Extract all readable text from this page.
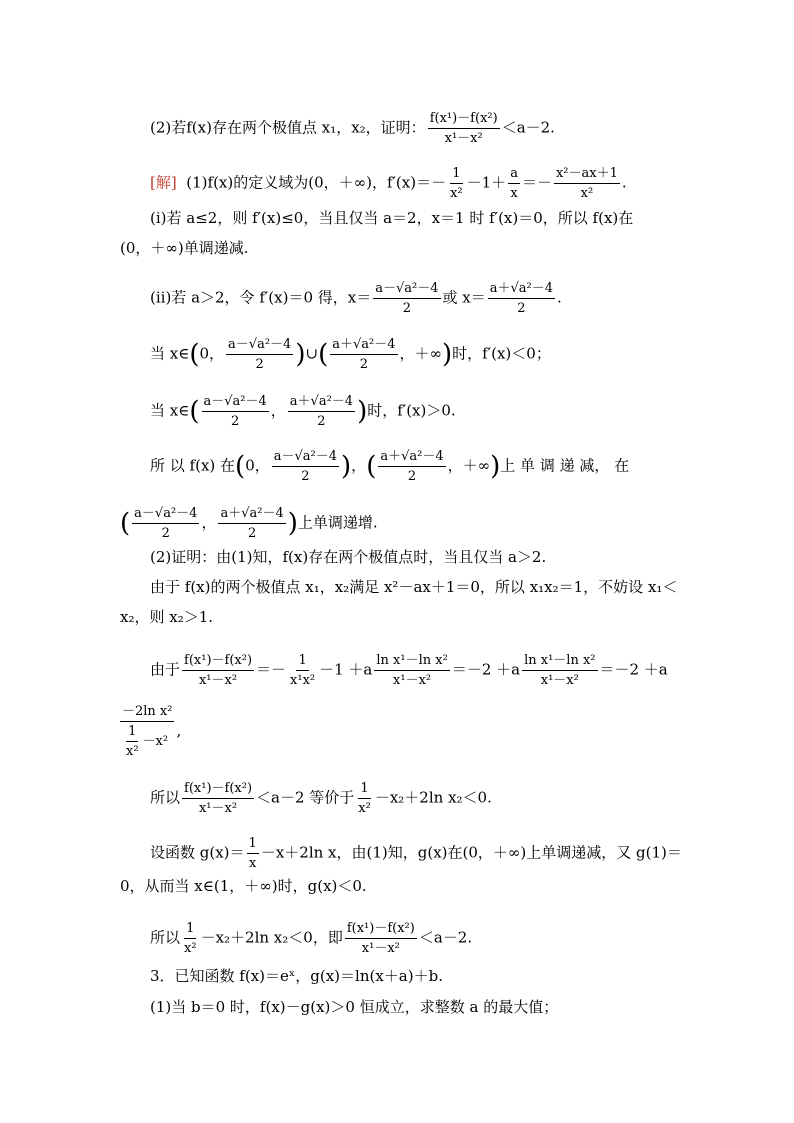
(2)若f(x)存在两个极值点 x₁，x₂，证明： $\frac{\text{f(x¹)－f(x²)}}{\text{x¹－x²}} <a-2$.
[解] (1)f(x)的定义域为(0，＋∞)，$f'(x)=- \frac{1}{\text{x²}} -1+ \frac{a}{x} =- \frac{\text{x²－ax＋1}}{\text{x²}}$ .
(ⅰ)若 a≤2，则 f′(x)≤0，当且仅当 a＝2，x＝1 时 f′(x)＝0，所以 f(x)在
(0，＋∞)单调递减.
(ⅱ)若 a＞2，令 f′(x)＝0 得，$x= \frac{\text{a－√a²－4}}{2}$ 或 $x= \frac{\text{a＋√a²－4}}{2}$ .
当 x∈(0， $\frac{\text{a－√a²－4}}{2}$ )∪( $\frac{\text{a＋√a²－4}}{2}$ ，＋∞)时，f′(x)＜0；
当 x∈( $\frac{\text{a－√a²－4}}{2}$ ， $\frac{\text{a＋√a²－4}}{2}$ )时，f′(x)＞0.
所 以 f(x) 在(0， $\frac{\text{a－√a²－4}}{2}$ )，( $\frac{\text{a＋√a²－4}}{2}$ ，＋∞)上 单 调 递 减， 在
( $\frac{\text{a－√a²－4}}{2}$ ， $\frac{\text{a＋√a²－4}}{2}$ )上单调递增.
(2)证明：由(1)知，f(x)存在两个极值点时，当且仅当 a＞2.
由于 f(x)的两个极值点 x₁，x₂满足 x²－ax＋1＝0，所以 x₁x₂＝1，不妨设 x₁＜
x₂，则 x₂＞1.
由于 $\frac{\text{f(x¹)－f(x²)}}{\text{x¹－x²}} =- \frac{1}{\text{x¹x²}} -1 +a \frac{\text{ln x¹－ln x²}}{\text{x¹－x²}} =-2 +a \frac{\text{ln x¹－ln x²}}{\text{x¹－x²}} =-2 +a$
$\frac{\text{－2ln x²}}{\frac{1}{\text{x²}} -x^2}$ ,
所以 $\frac{\text{f(x¹)－f(x²)}}{\text{x¹－x²}} <a-2$ 等价于 $\frac{1}{\text{x²}} -x_2+2\ln$ x₂＜0.
设函数 $g(x)= \frac{1}{x} -x+2\ln$ x，由(1)知，g(x)在(0，＋∞)上单调递减，又 g(1)＝
0，从而当 x∈(1，＋∞)时，g(x)＜0.
所以 $\frac{1}{\text{x²}} -x_2+2\ln$ x₂＜0，即 $\frac{\text{f(x¹)－f(x²)}}{\text{x¹－x²}} <a-2$.
3．已知函数 f(x)＝eˣ，g(x)＝ln(x＋a)＋b.
(1)当 b＝0 时，f(x)－g(x)＞0 恒成立，求整数 a 的最大值；
